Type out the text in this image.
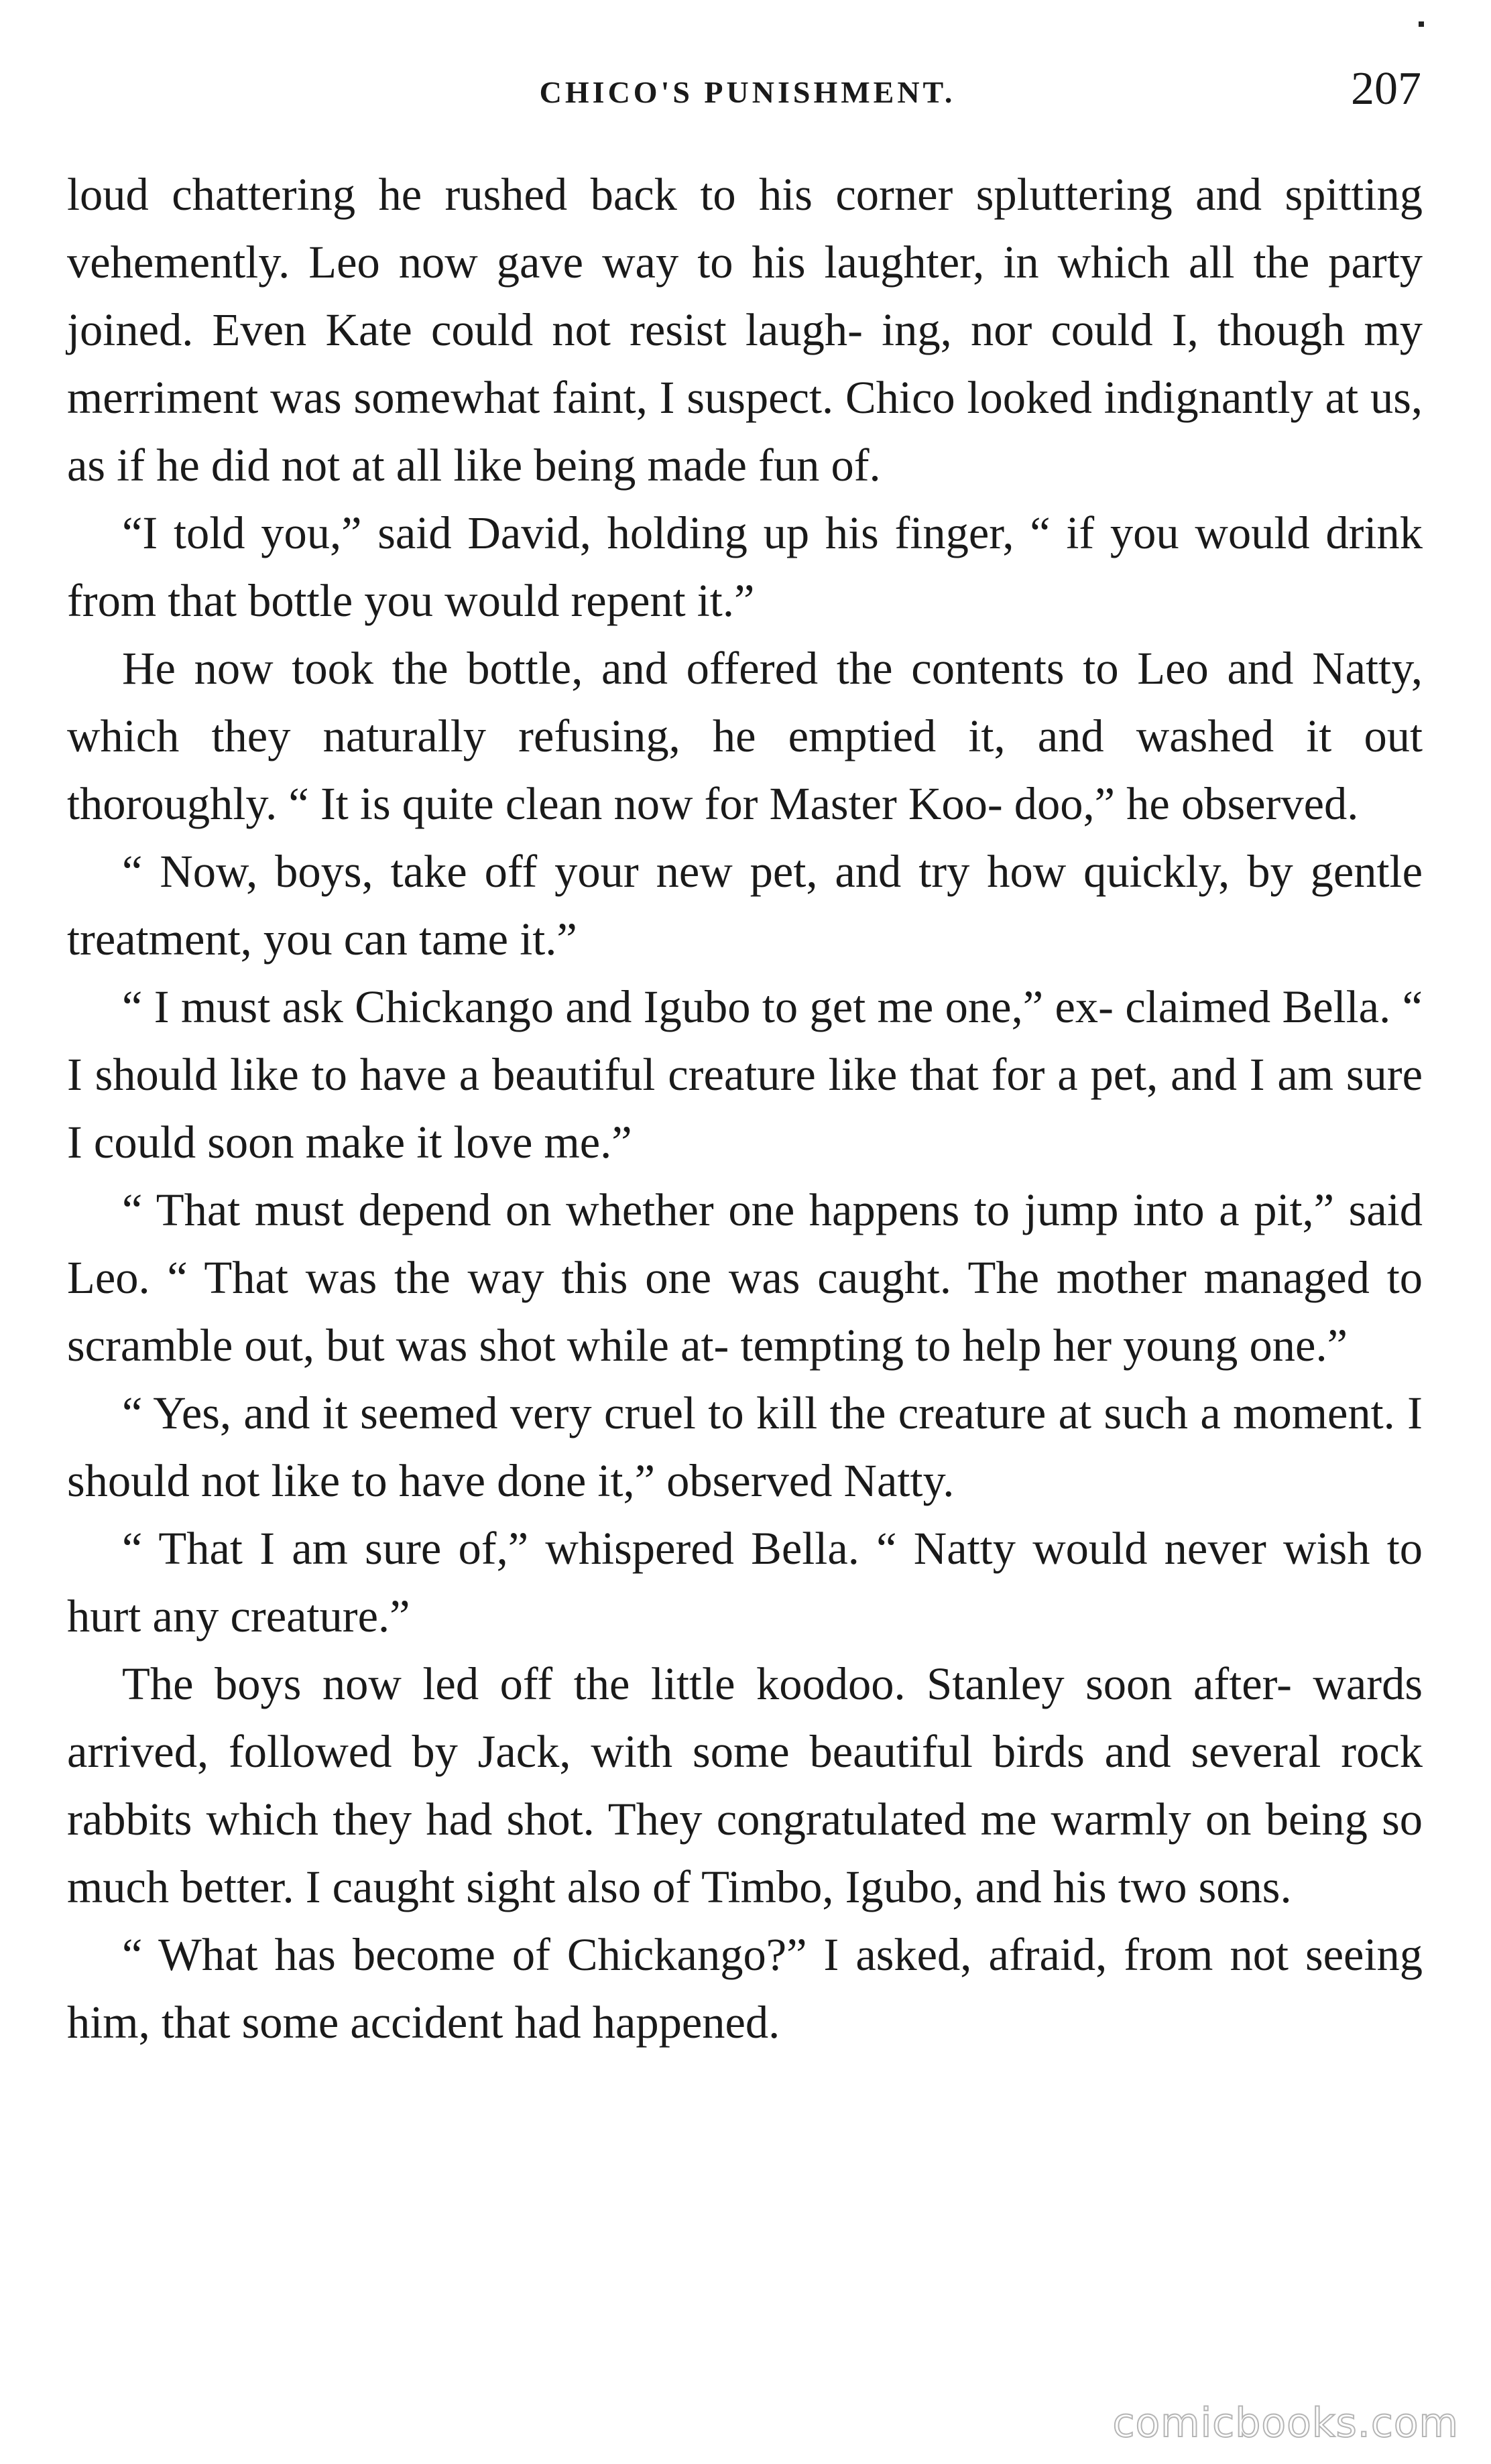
CHICO'S PUNISHMENT.	207

loud chattering he rushed back to his corner spluttering and spitting vehemently. Leo now gave way to his laughter, in which all the party joined. Even Kate could not resist laugh- ing, nor could I, though my merriment was somewhat faint, I suspect. Chico looked indignantly at us, as if he did not at all like being made fun of.

“I told you,” said David, holding up his finger, “ if you would drink from that bottle you would repent it.”

He now took the bottle, and offered the contents to Leo and Natty, which they naturally refusing, he emptied it, and washed it out thoroughly. “ It is quite clean now for Master Koo- doo,” he observed.

“ Now, boys, take off your new pet, and try how quickly, by gentle treatment, you can tame it.”

“ I must ask Chickango and Igubo to get me one,” ex- claimed Bella. “ I should like to have a beautiful creature like that for a pet, and I am sure I could soon make it love me.”

“ That must depend on whether one happens to jump into a pit,” said Leo. “ That was the way this one was caught. The mother managed to scramble out, but was shot while at- tempting to help her young one.”

“ Yes, and it seemed very cruel to kill the creature at such a moment. I should not like to have done it,” observed Natty.

“ That I am sure of,” whispered Bella. “ Natty would never wish to hurt any creature.”

The boys now led off the little koodoo. Stanley soon after- wards arrived, followed by Jack, with some beautiful birds and several rock rabbits which they had shot. They congratulated me warmly on being so much better. I caught sight also of Timbo, Igubo, and his two sons.

“ What has become of Chickango?” I asked, afraid, from not seeing him, that some accident had happened.

comicbooks.com
